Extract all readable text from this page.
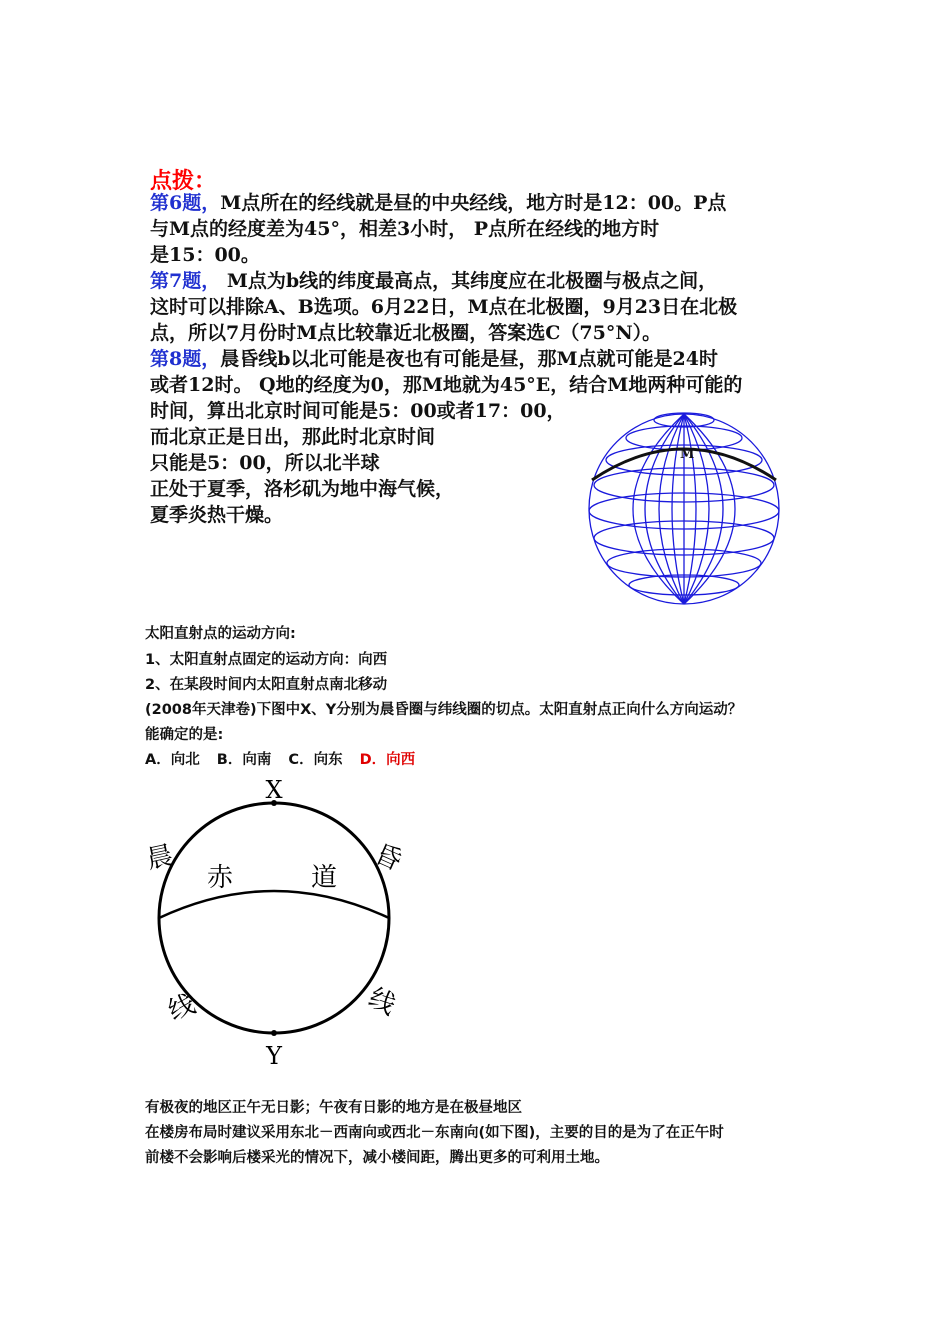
点拨：
第6题，M点所在的经线就是昼的中央经线，地方时是12：00。P点
与M点的经度差为45°，相差3小时， P点所在经线的地方时
是15：00。
第7题， M点为b线的纬度最高点，其纬度应在北极圈与极点之间，
这时可以排除A、B选项。6月22日，M点在北极圈，9月23日在北极
点，所以7月份时M点比较靠近北极圈，答案选C（75°N）。
第8题，晨昏线b以北可能是夜也有可能是昼，那M点就可能是24时
或者12时。 Q地的经度为0，那M地就为45°E，结合M地两种可能的
时间，算出北京时间可能是5：00或者17：00，
而北京正是日出，那此时北京时间
只能是5：00，所以北半球
正处于夏季，洛杉矶为地中海气候，
夏季炎热干燥。
M
太阳直射点的运动方向:
1、太阳直射点固定的运动方向：向西
2、在某段时间内太阳直射点南北移动
(2008年天津卷)下图中X、Y分别为晨昏圈与纬线圈的切点。太阳直射点正向什么方向运动？
能确定的是:
A．向北 B．向南 C．向东 D．向西
X
Y
晨	昏
线	线
赤	道
有极夜的地区正午无日影；午夜有日影的地方是在极昼地区
在楼房布局时建议采用东北－西南向或西北－东南向(如下图)，主要的目的是为了在正午时
前楼不会影响后楼采光的情况下，减小楼间距，腾出更多的可利用土地。
